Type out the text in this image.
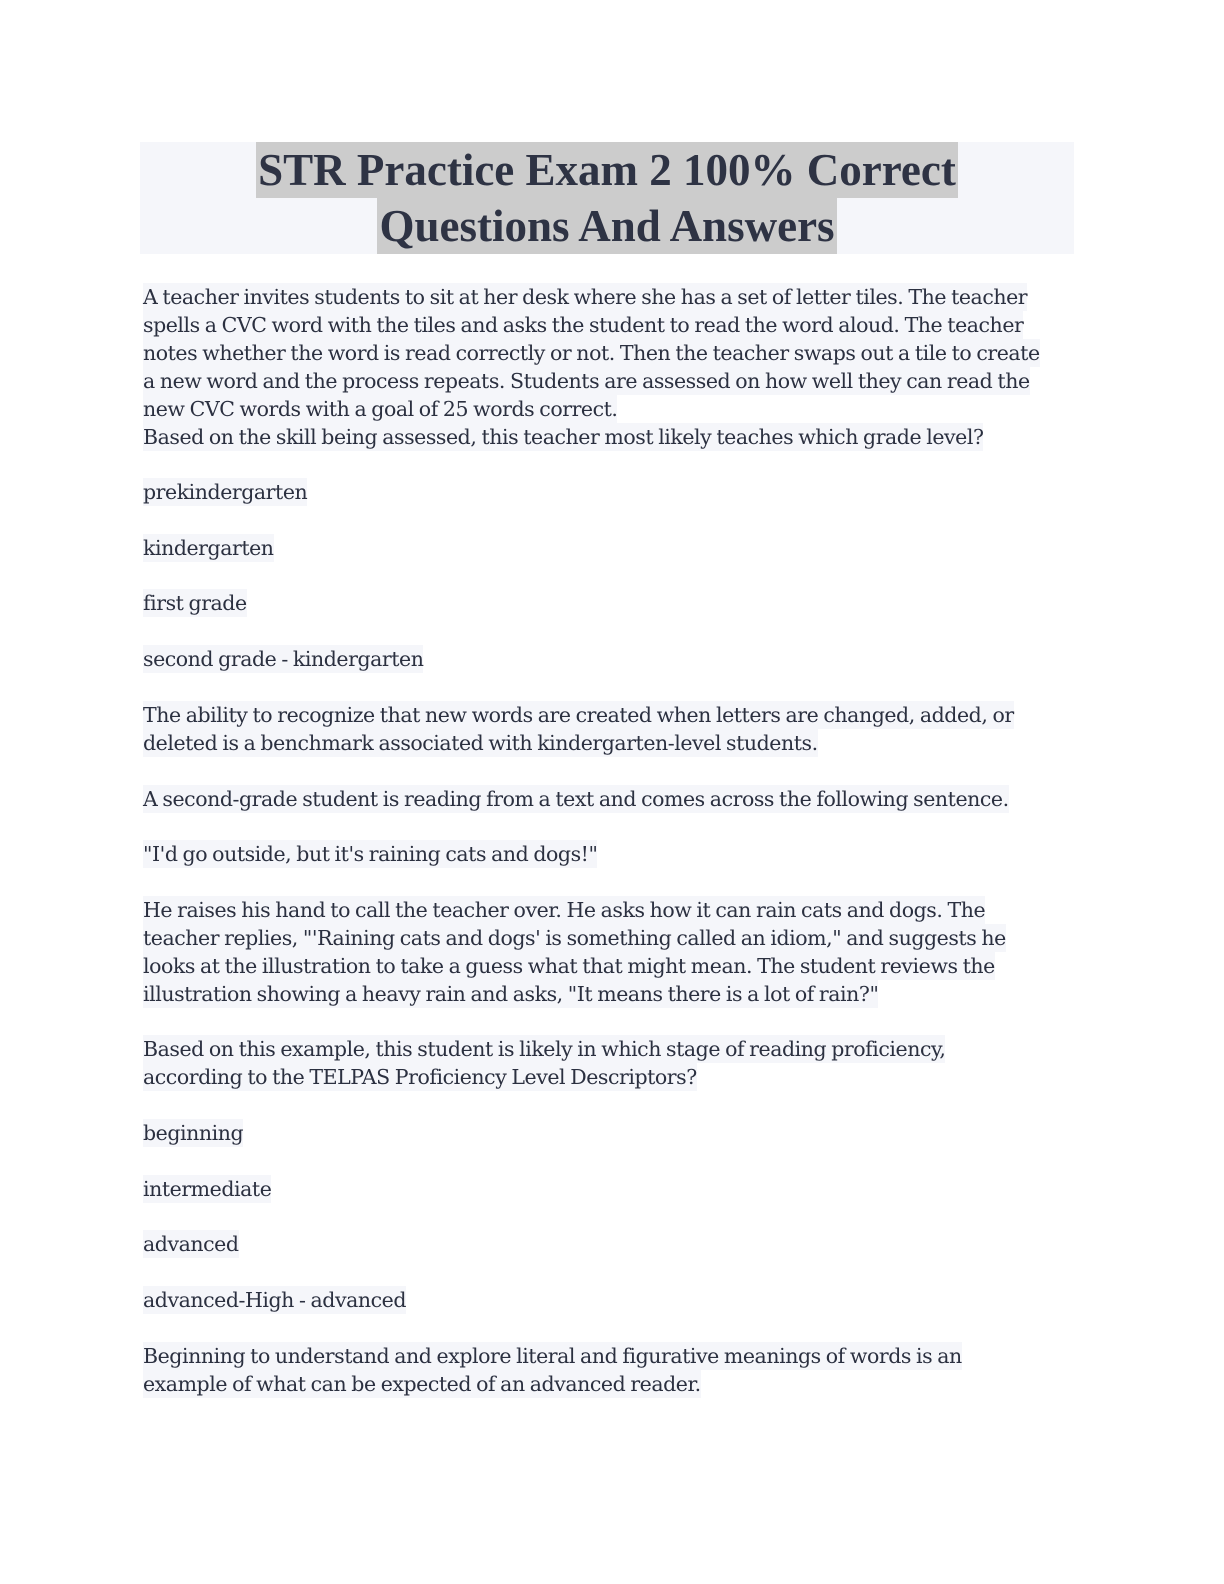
STR Practice Exam 2 100% Correct
Questions And Answers
A teacher invites students to sit at her desk where she has a set of letter tiles. The teacher
spells a CVC word with the tiles and asks the student to read the word aloud. The teacher
notes whether the word is read correctly or not. Then the teacher swaps out a tile to create
a new word and the process repeats. Students are assessed on how well they can read the
new CVC words with a goal of 25 words correct.
Based on the skill being assessed, this teacher most likely teaches which grade level?
prekindergarten
kindergarten
first grade
second grade - kindergarten
The ability to recognize that new words are created when letters are changed, added, or
deleted is a benchmark associated with kindergarten-level students.
A second-grade student is reading from a text and comes across the following sentence.
"I'd go outside, but it's raining cats and dogs!"
He raises his hand to call the teacher over. He asks how it can rain cats and dogs. The
teacher replies, "'Raining cats and dogs' is something called an idiom," and suggests he
looks at the illustration to take a guess what that might mean. The student reviews the
illustration showing a heavy rain and asks, "It means there is a lot of rain?"
Based on this example, this student is likely in which stage of reading proficiency,
according to the TELPAS Proficiency Level Descriptors?
beginning
intermediate
advanced
advanced-High - advanced
Beginning to understand and explore literal and figurative meanings of words is an
example of what can be expected of an advanced reader.
